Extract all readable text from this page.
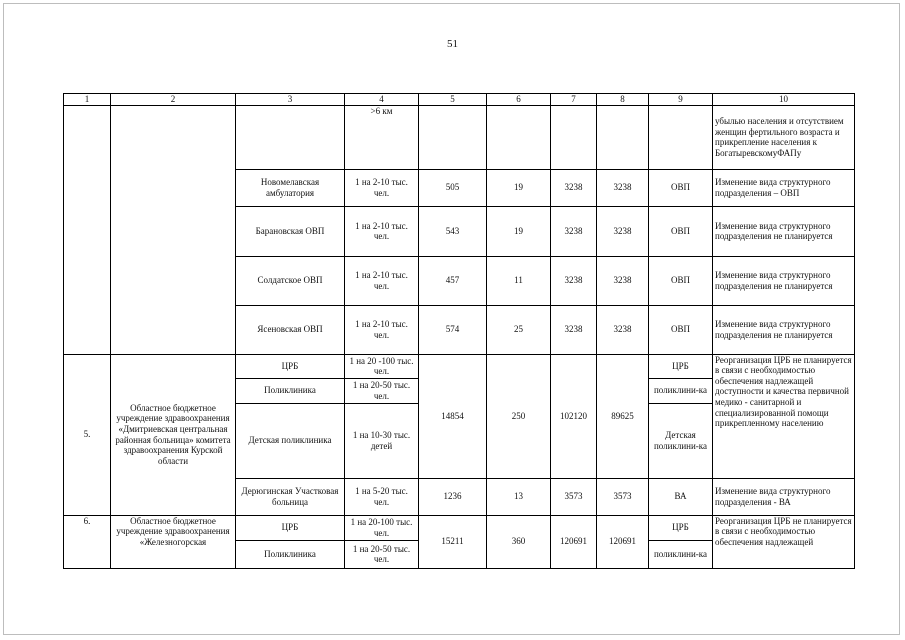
51
1	2	3	4	5	6	7	8	9	10
			>6 км						убылью населения и отсутствием женщин фертильного возраста и прикрепление населения к БогатыревскомуФАПу
		Новомелавская амбулатория	1 на 2-10 тыс. чел.	505	19	3238	3238	ОВП	Изменение вида структурного подразделения – ОВП
		Барановская ОВП	1 на 2-10 тыс. чел.	543	19	3238	3238	ОВП	Изменение вида структурного подразделения не планируется
		Солдатское ОВП	1 на 2-10 тыс. чел.	457	11	3238	3238	ОВП	Изменение вида структурного подразделения не планируется
		Ясеновская ОВП	1 на 2-10 тыс. чел.	574	25	3238	3238	ОВП	Изменение вида структурного подразделения не планируется
5.	Областное бюджетное учреждение здравоохранения «Дмитриевская центральная районная больница» комитета здравоохранения Курской области	ЦРБ	1 на 20 -100 тыс. чел.	14854	250	102120	89625	ЦРБ	Реорганизация ЦРБ не планируется в связи с необходимостью обеспечения надлежащей доступности и качества первичной медико - санитарной и специализированной помощи прикрепленному населению
		Поликлиника	1 на 20-50 тыс. чел.					поликлини-ка	
		Детская поликлиника	1 на 10-30 тыс. детей					Детская поликлини-ка	
		Дерюгинская Участковая больница	1 на 5-20 тыс. чел.	1236	13	3573	3573	ВА	Изменение вида структурного подразделения - ВА
6.	Областное бюджетное учреждение здравоохранения «Железногорская	ЦРБ	1 на 20-100 тыс. чел.	15211	360	120691	120691	ЦРБ	Реорганизация ЦРБ не планируется в связи с необходимостью обеспечения надлежащей
		Поликлиника	1 на 20-50 тыс. чел.					поликлини-ка	
